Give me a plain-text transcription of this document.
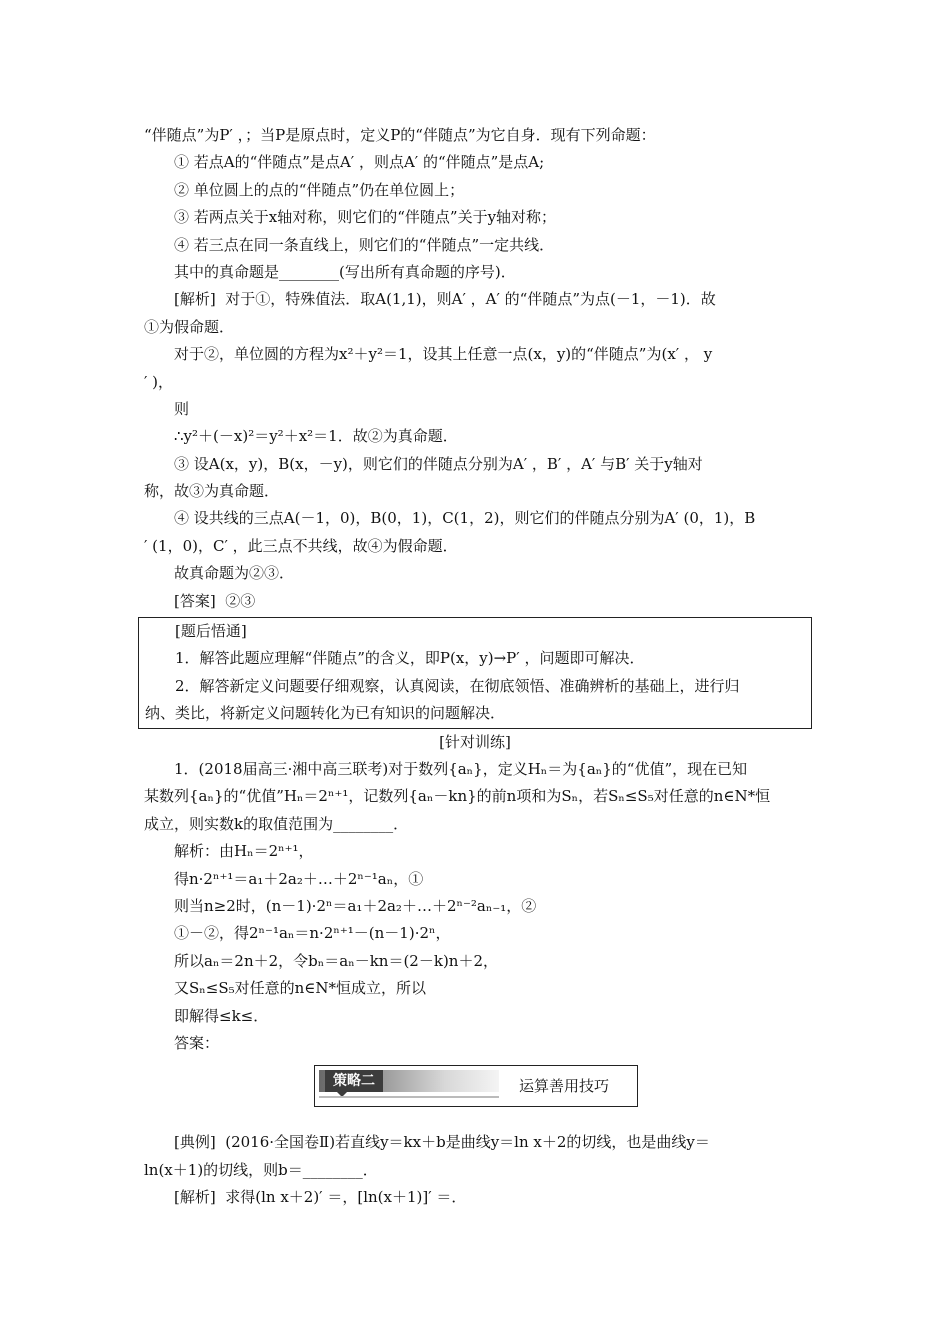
“伴随点”为P′ ，；当P是原点时，定义P的“伴随点”为它自身．现有下列命题：
① 若点A的“伴随点”是点A′ ，则点A′ 的“伴随点”是点A;
② 单位圆上的点的“伴随点”仍在单位圆上；
③ 若两点关于x轴对称，则它们的“伴随点”关于y轴对称；
④ 若三点在同一条直线上，则它们的“伴随点”一定共线．
其中的真命题是________(写出所有真命题的序号)．
[解析]  对于①，特殊值法．取A(1,1)，则A′ ，A′ 的“伴随点”为点(－1，－1)．故
①为假命题．
对于②，单位圆的方程为x²＋y²＝1，设其上任意一点(x，y)的“伴随点”为(x′ ， y
′ )，
则
∴y²＋(－x)²＝y²＋x²＝1．故②为真命题．
③ 设A(x，y)，B(x，－y)，则它们的伴随点分别为A′ ，B′ ，A′ 与B′ 关于y轴对
称，故③为真命题．
④ 设共线的三点A(－1，0)，B(0，1)，C(1，2)，则它们的伴随点分别为A′ (0，1)，B
′ (1，0)，C′ ，此三点不共线，故④为假命题．
故真命题为②③．
[答案]  ②③
[题后悟通]
1．解答此题应理解“伴随点”的含义，即P(x，y)→P′ ，问题即可解决．
2．解答新定义问题要仔细观察，认真阅读，在彻底领悟、准确辨析的基础上，进行归
纳、类比，将新定义问题转化为已有知识的问题解决．
[针对训练]
1．(2018届高三·湘中高三联考)对于数列{aₙ}，定义Hₙ＝为{aₙ}的“优值”，现在已知
某数列{aₙ}的“优值”Hₙ＝2ⁿ⁺¹，记数列{aₙ－kn}的前n项和为Sₙ，若Sₙ≤S₅对任意的n∈N*恒
成立，则实数k的取值范围为________．
解析：由Hₙ＝2ⁿ⁺¹，
得n·2ⁿ⁺¹＝a₁＋2a₂＋…＋2ⁿ⁻¹aₙ，①
则当n≥2时，(n－1)·2ⁿ＝a₁＋2a₂＋…＋2ⁿ⁻²aₙ₋₁，②
①－②，得2ⁿ⁻¹aₙ＝n·2ⁿ⁺¹－(n－1)·2ⁿ，
所以aₙ＝2n＋2，令bₙ＝aₙ－kn＝(2－k)n＋2，
又Sₙ≤S₅对任意的n∈N*恒成立，所以
即解得≤k≤．
答案：
策略二	运算善用技巧
[典例]  (2016·全国卷Ⅱ)若直线y＝kx＋b是曲线y＝ln x＋2的切线，也是曲线y＝
ln(x＋1)的切线，则b＝________．
[解析]  求得(ln x＋2)′ ＝，[ln(x＋1)]′ ＝．
